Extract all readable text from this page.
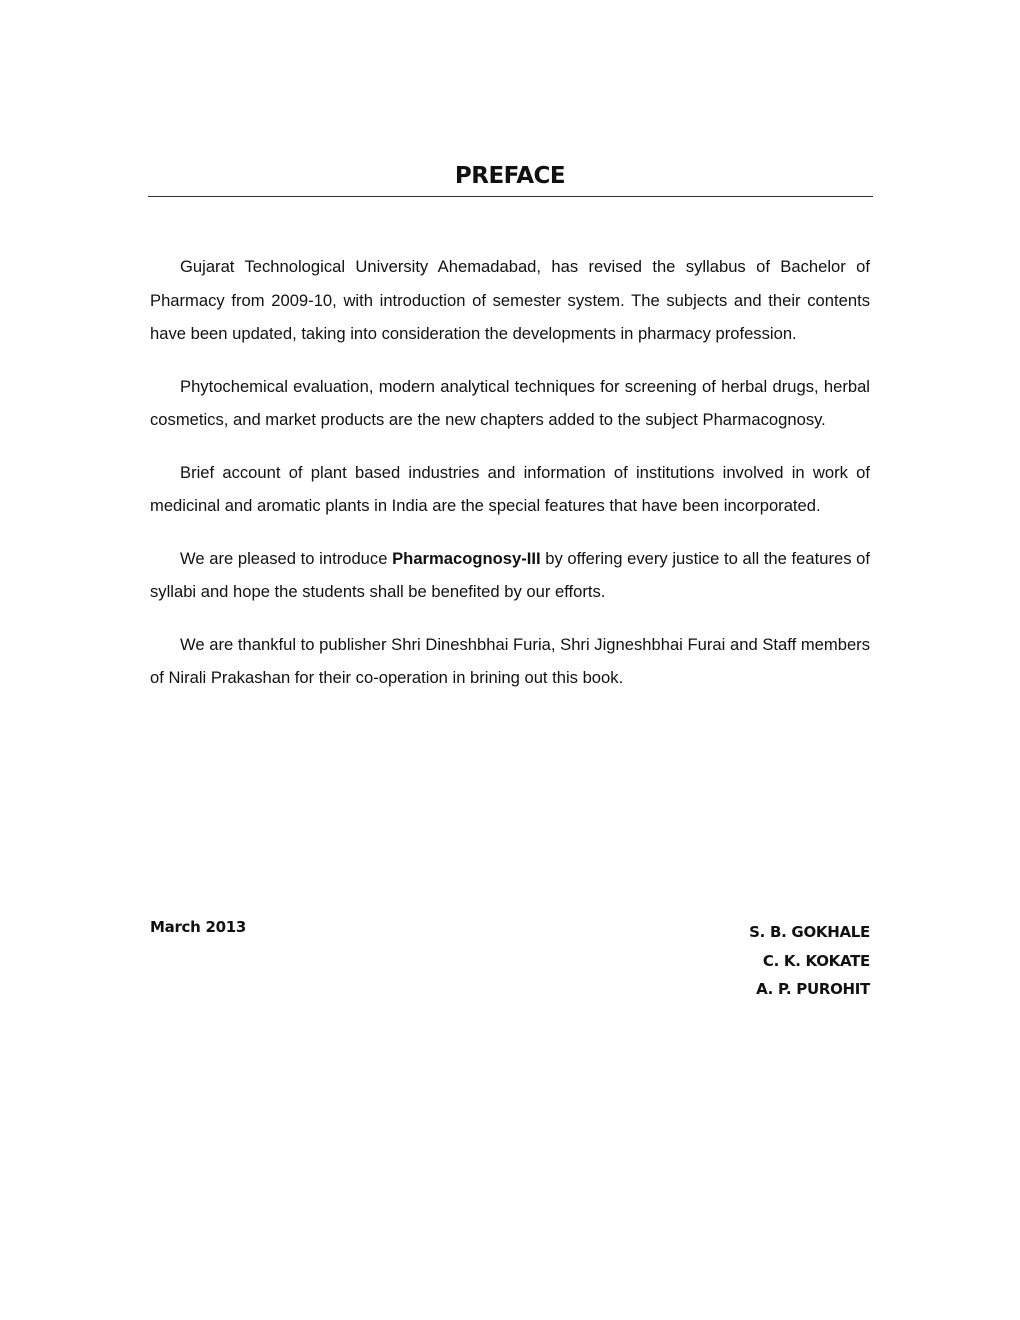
PREFACE

Gujarat Technological University Ahemadabad, has revised the syllabus of Bachelor of Pharmacy from 2009-10, with introduction of semester system. The subjects and their contents have been updated, taking into consideration the developments in pharmacy profession.

Phytochemical evaluation, modern analytical techniques for screening of herbal drugs, herbal cosmetics, and market products are the new chapters added to the subject Pharmacognosy.

Brief account of plant based industries and information of institutions involved in work of medicinal and aromatic plants in India are the special features that have been incorporated.

We are pleased to introduce Pharmacognosy-III by offering every justice to all the features of syllabi and hope the students shall be benefited by our efforts.

We are thankful to publisher Shri Dineshbhai Furia, Shri Jigneshbhai Furai and Staff members of Nirali Prakashan for their co-operation in brining out this book.

March 2013	S. B. GOKHALE
C. K. KOKATE
A. P. PUROHIT
